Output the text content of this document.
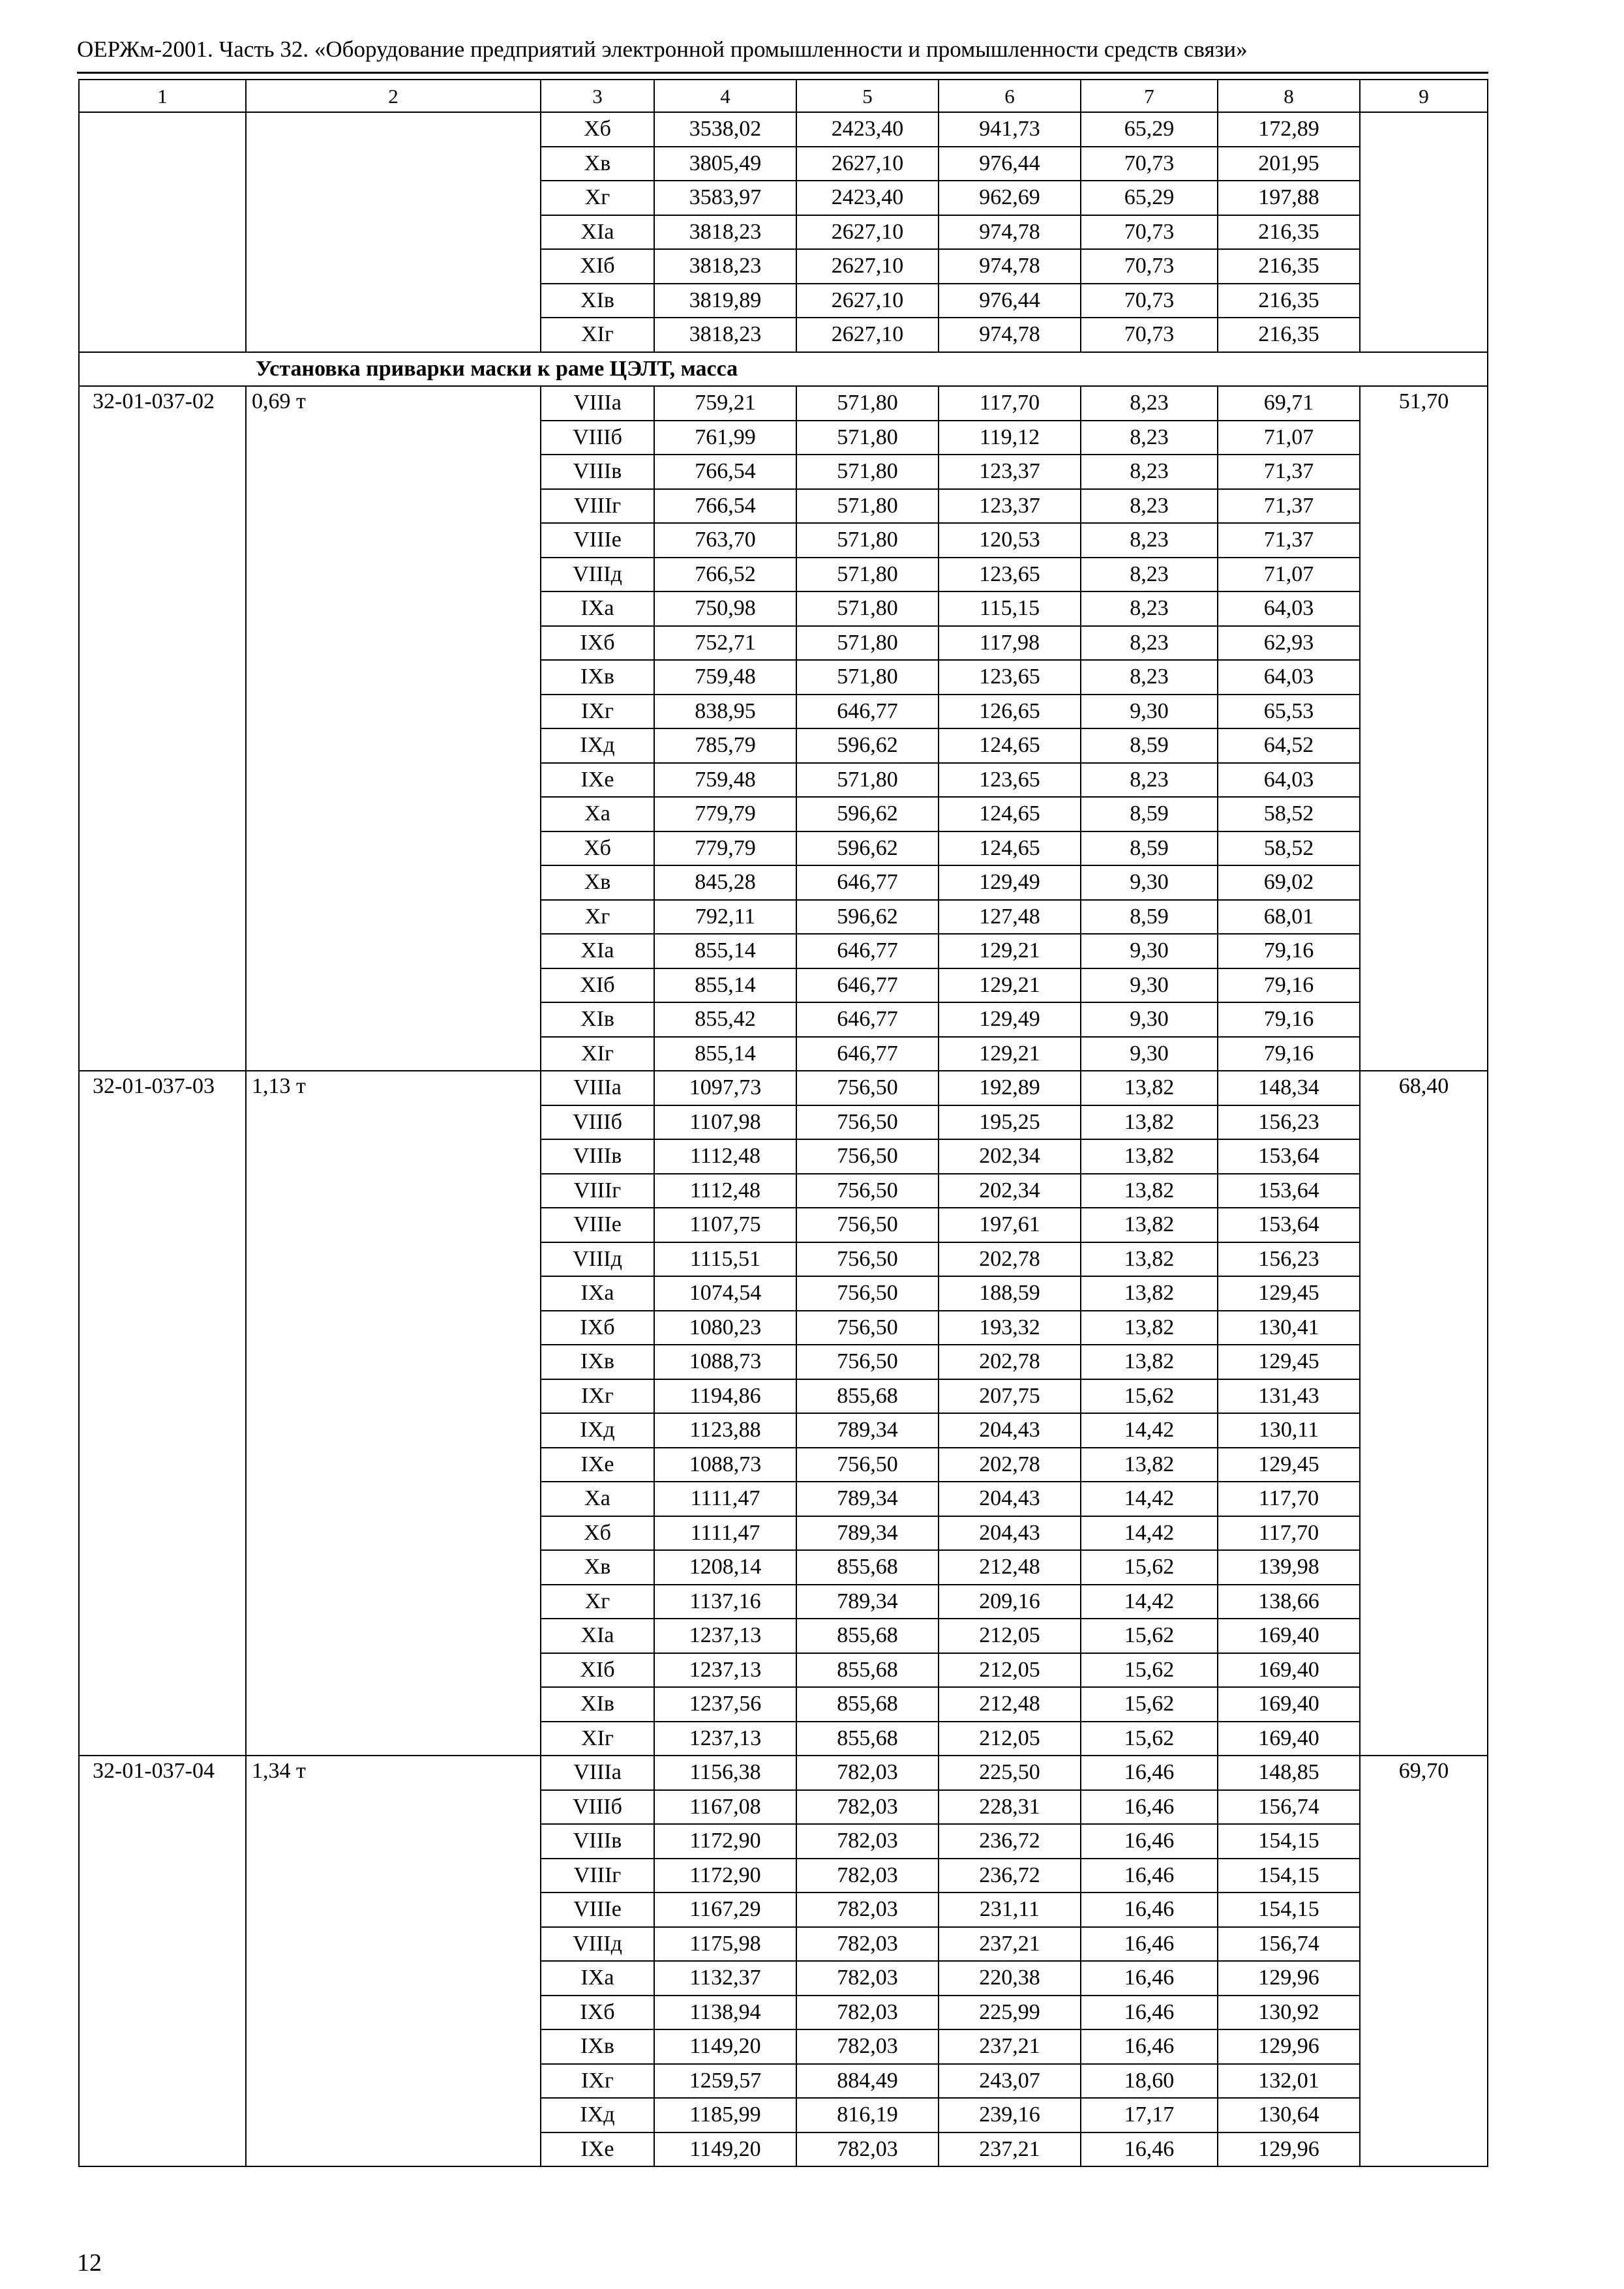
ОЕРЖм-2001. Часть 32. «Оборудование предприятий электронной промышленности и промышленности средств связи»
1	2	3	4	5	6	7	8	9
		Xб	3538,02	2423,40	941,73	65,29	172,89	
		Xв	3805,49	2627,10	976,44	70,73	201,95	
		Xг	3583,97	2423,40	962,69	65,29	197,88	
		XIа	3818,23	2627,10	974,78	70,73	216,35	
		XIб	3818,23	2627,10	974,78	70,73	216,35	
		XIв	3819,89	2627,10	976,44	70,73	216,35	
		XIг	3818,23	2627,10	974,78	70,73	216,35	
Установка приварки маски к раме ЦЭЛТ, масса								
32-01-037-02	0,69 т	VIIIа	759,21	571,80	117,70	8,23	69,71	51,70
		VIIIб	761,99	571,80	119,12	8,23	71,07	
		VIIIв	766,54	571,80	123,37	8,23	71,37	
		VIIIг	766,54	571,80	123,37	8,23	71,37	
		VIIIе	763,70	571,80	120,53	8,23	71,37	
		VIIIд	766,52	571,80	123,65	8,23	71,07	
		IXа	750,98	571,80	115,15	8,23	64,03	
		IXб	752,71	571,80	117,98	8,23	62,93	
		IXв	759,48	571,80	123,65	8,23	64,03	
		IXг	838,95	646,77	126,65	9,30	65,53	
		IXд	785,79	596,62	124,65	8,59	64,52	
		IXе	759,48	571,80	123,65	8,23	64,03	
		Xа	779,79	596,62	124,65	8,59	58,52	
		Xб	779,79	596,62	124,65	8,59	58,52	
		Xв	845,28	646,77	129,49	9,30	69,02	
		Xг	792,11	596,62	127,48	8,59	68,01	
		XIа	855,14	646,77	129,21	9,30	79,16	
		XIб	855,14	646,77	129,21	9,30	79,16	
		XIв	855,42	646,77	129,49	9,30	79,16	
		XIг	855,14	646,77	129,21	9,30	79,16	
32-01-037-03	1,13 т	VIIIа	1097,73	756,50	192,89	13,82	148,34	68,40
		VIIIб	1107,98	756,50	195,25	13,82	156,23	
		VIIIв	1112,48	756,50	202,34	13,82	153,64	
		VIIIг	1112,48	756,50	202,34	13,82	153,64	
		VIIIе	1107,75	756,50	197,61	13,82	153,64	
		VIIIд	1115,51	756,50	202,78	13,82	156,23	
		IXа	1074,54	756,50	188,59	13,82	129,45	
		IXб	1080,23	756,50	193,32	13,82	130,41	
		IXв	1088,73	756,50	202,78	13,82	129,45	
		IXг	1194,86	855,68	207,75	15,62	131,43	
		IXд	1123,88	789,34	204,43	14,42	130,11	
		IXе	1088,73	756,50	202,78	13,82	129,45	
		Xа	1111,47	789,34	204,43	14,42	117,70	
		Xб	1111,47	789,34	204,43	14,42	117,70	
		Xв	1208,14	855,68	212,48	15,62	139,98	
		Xг	1137,16	789,34	209,16	14,42	138,66	
		XIа	1237,13	855,68	212,05	15,62	169,40	
		XIб	1237,13	855,68	212,05	15,62	169,40	
		XIв	1237,56	855,68	212,48	15,62	169,40	
		XIг	1237,13	855,68	212,05	15,62	169,40	
32-01-037-04	1,34 т	VIIIа	1156,38	782,03	225,50	16,46	148,85	69,70
		VIIIб	1167,08	782,03	228,31	16,46	156,74	
		VIIIв	1172,90	782,03	236,72	16,46	154,15	
		VIIIг	1172,90	782,03	236,72	16,46	154,15	
		VIIIе	1167,29	782,03	231,11	16,46	154,15	
		VIIIд	1175,98	782,03	237,21	16,46	156,74	
		IXа	1132,37	782,03	220,38	16,46	129,96	
		IXб	1138,94	782,03	225,99	16,46	130,92	
		IXв	1149,20	782,03	237,21	16,46	129,96	
		IXг	1259,57	884,49	243,07	18,60	132,01	
		IXд	1185,99	816,19	239,16	17,17	130,64	
		IXе	1149,20	782,03	237,21	16,46	129,96	
12
